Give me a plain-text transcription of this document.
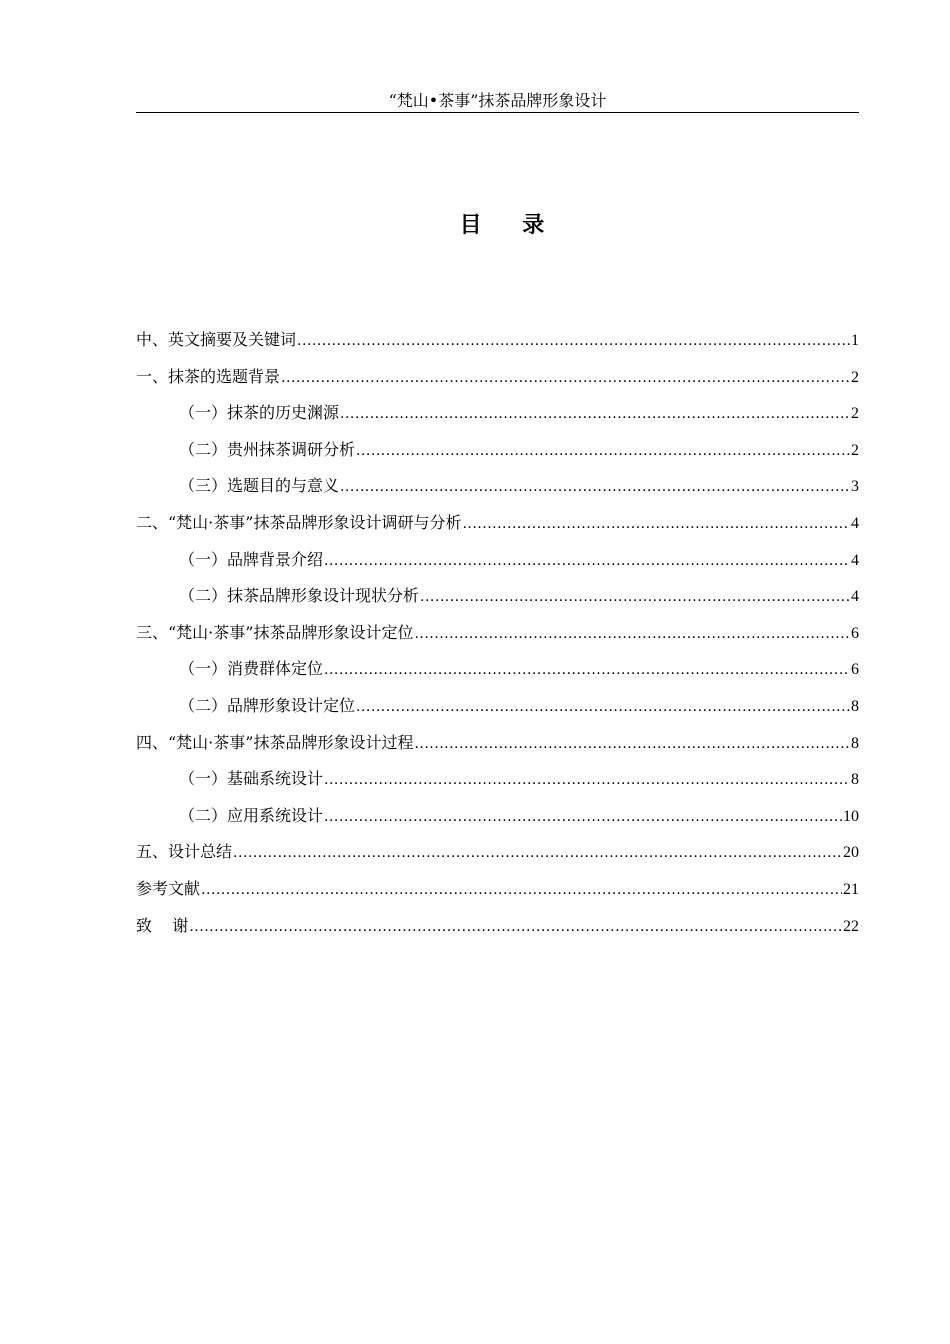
“梵山•茶事”抹茶品牌形象设计
目    录
中、英文摘要及关键词 .....	1
一、抹茶的选题背景 .....	2
（一）抹茶的历史渊源 .....	2
（二）贵州抹茶调研分析 .....	2
（三）选题目的与意义 .....	3
二、“梵山·茶事”抹茶品牌形象设计调研与分析 .....	4
（一）品牌背景介绍 .....	4
（二）抹茶品牌形象设计现状分析 .....	4
三、“梵山·茶事”抹茶品牌形象设计定位 .....	6
（一）消费群体定位 .....	6
（二）品牌形象设计定位 .....	8
四、“梵山·茶事”抹茶品牌形象设计过程 .....	8
（一）基础系统设计 .....	8
（二）应用系统设计 .....	10
五、设计总结 .....	20
参考文献 .....	21
致    谢 .....	22
